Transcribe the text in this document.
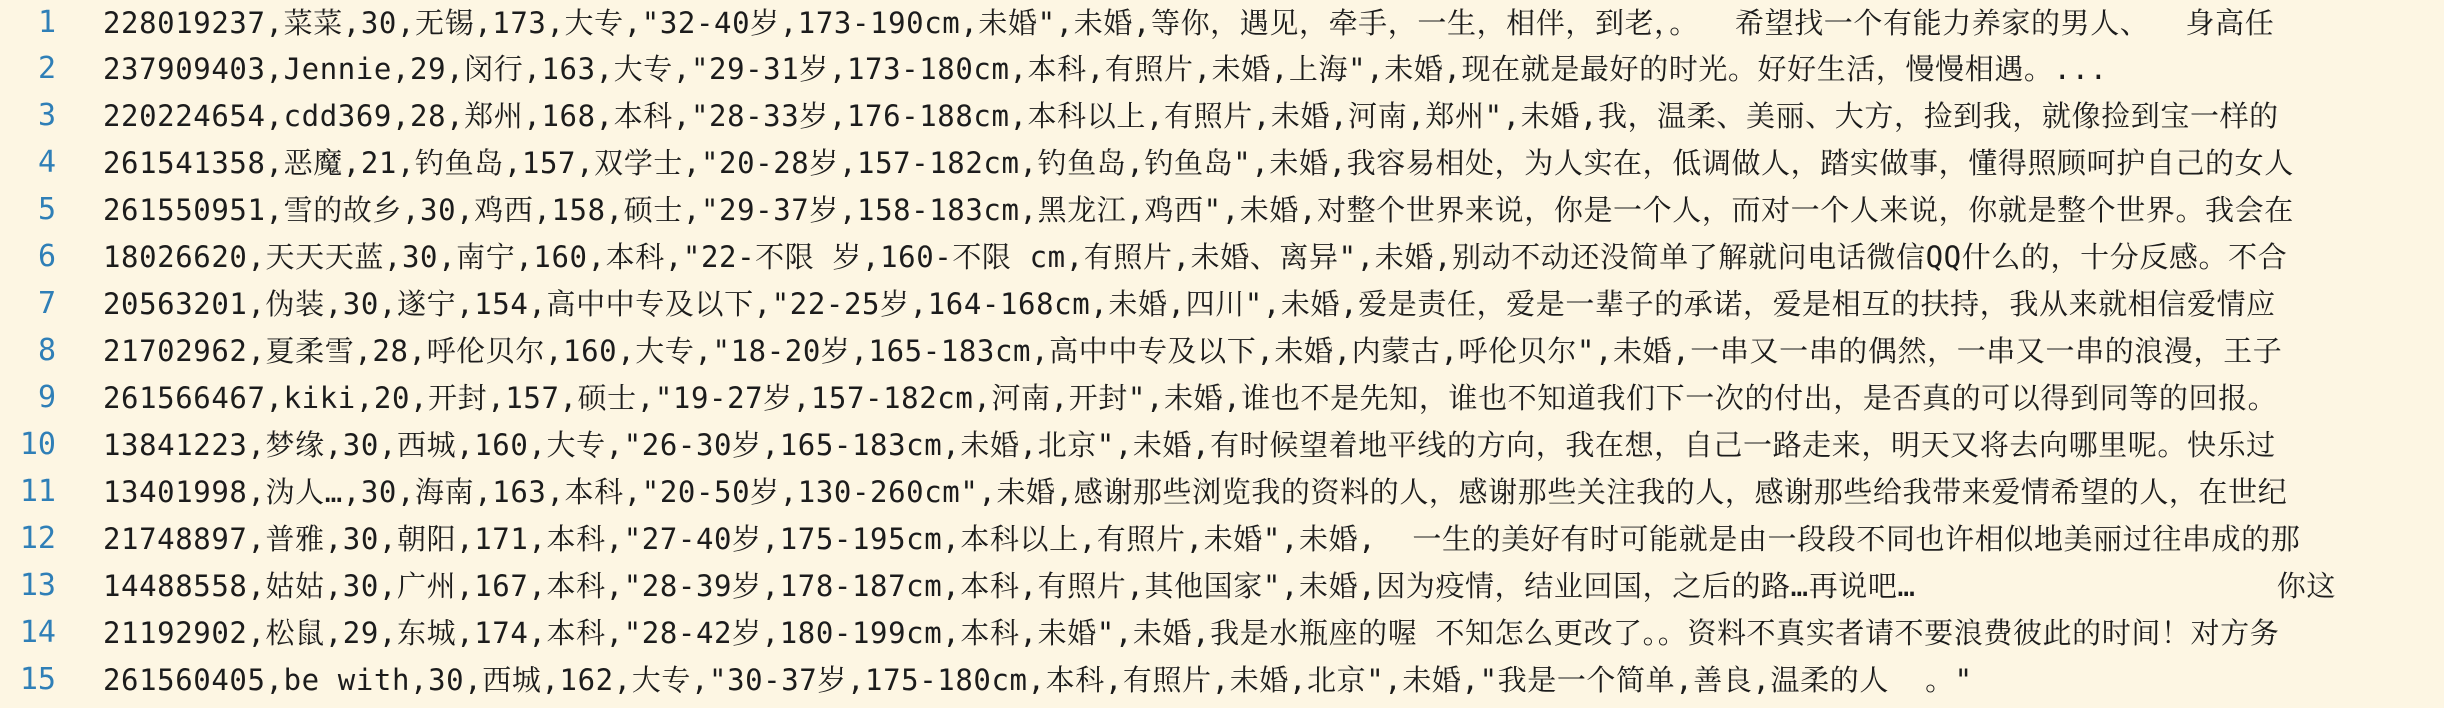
1

228019237,菜菜,30,无锡,173,大专,"32-40岁,173-190cm,未婚",未婚,等你，遇见，牵手，一生，相伴，到老，。  希望找一个有能力养家的男人、  身高任

2

237909403,Jennie,29,闵行,163,大专,"29-31岁,173-180cm,本科,有照片,未婚,上海",未婚,现在就是最好的时光。好好生活，慢慢相遇。...

3

220224654,cdd369,28,郑州,168,本科,"28-33岁,176-188cm,本科以上,有照片,未婚,河南,郑州",未婚,我，温柔、美丽、大方，捡到我，就像捡到宝一样的

4

261541358,恶魔,21,钓鱼岛,157,双学士,"20-28岁,157-182cm,钓鱼岛,钓鱼岛",未婚,我容易相处，为人实在，低调做人，踏实做事，懂得照顾呵护自己的女人

5

261550951,雪的故乡,30,鸡西,158,硕士,"29-37岁,158-183cm,黑龙江,鸡西",未婚,对整个世界来说，你是一个人，而对一个人来说，你就是整个世界。我会在

6

18026620,天天天蓝,30,南宁,160,本科,"22-不限 岁,160-不限 cm,有照片,未婚、离异",未婚,别动不动还没简单了解就问电话微信QQ什么的，十分反感。不合

7

20563201,伪装,30,遂宁,154,高中中专及以下,"22-25岁,164-168cm,未婚,四川",未婚,爱是责任，爱是一辈子的承诺，爱是相互的扶持，我从来就相信爱情应

8

21702962,夏柔雪,28,呼伦贝尔,160,大专,"18-20岁,165-183cm,高中中专及以下,未婚,内蒙古,呼伦贝尔",未婚,一串又一串的偶然，一串又一串的浪漫，王子

9

261566467,kiki,20,开封,157,硕士,"19-27岁,157-182cm,河南,开封",未婚,谁也不是先知，谁也不知道我们下一次的付出，是否真的可以得到同等的回报。

10

13841223,梦缘,30,西城,160,大专,"26-30岁,165-183cm,未婚,北京",未婚,有时候望着地平线的方向，我在想，自己一路走来，明天又将去向哪里呢。快乐过

11

13401998,沩人…,30,海南,163,本科,"20-50岁,130-260cm",未婚,感谢那些浏览我的资料的人，感谢那些关注我的人，感谢那些给我带来爱情希望的人，在世纪

12

21748897,普雅,30,朝阳,171,本科,"27-40岁,175-195cm,本科以上,有照片,未婚",未婚,  一生的美好有时可能就是由一段段不同也许相似地美丽过往串成的那

13

14488558,姑姑,30,广州,167,本科,"28-39岁,178-187cm,本科,有照片,其他国家",未婚,因为疫情，结业回国，之后的路…再说吧…                    你这

14

21192902,松鼠,29,东城,174,本科,"28-42岁,180-199cm,本科,未婚",未婚,我是水瓶座的喔 不知怎么更改了。。资料不真实者请不要浪费彼此的时间！对方务

15

261560405,be with,30,西城,162,大专,"30-37岁,175-180cm,本科,有照片,未婚,北京",未婚,"我是一个简单,善良,温柔的人  。"
